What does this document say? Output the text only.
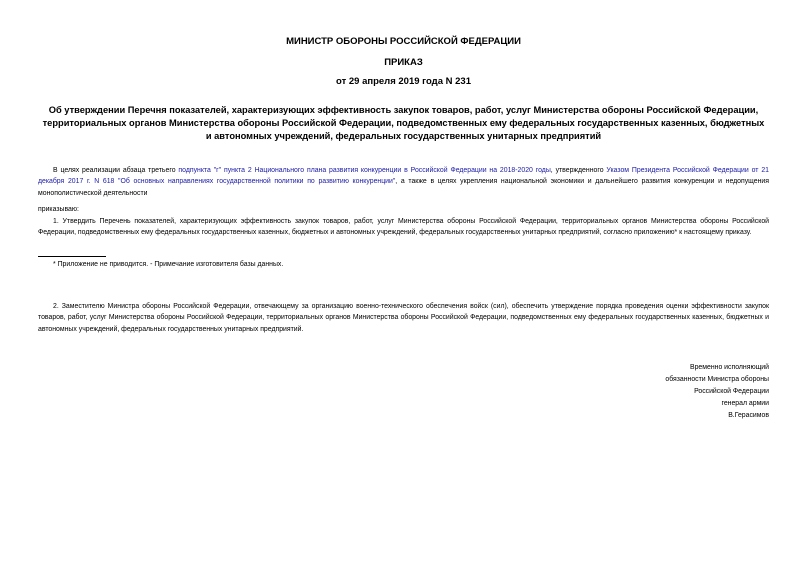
МИНИСТР ОБОРОНЫ РОССИЙСКОЙ ФЕДЕРАЦИИ
ПРИКАЗ
от 29 апреля 2019 года N 231
Об утверждении Перечня показателей, характеризующих эффективность закупок товаров, работ, услуг Министерства обороны Российской Федерации, территориальных органов Министерства обороны Российской Федерации, подведомственных ему федеральных государственных казенных, бюджетных и автономных учреждений, федеральных государственных унитарных предприятий
В целях реализации абзаца третьего подпункта "г" пункта 2 Национального плана развития конкуренции в Российской Федерации на 2018-2020 годы, утвержденного Указом Президента Российской Федерации от 21 декабря 2017 г. N 618 "Об основных направлениях государственной политики по развитию конкуренции", а также в целях укрепления национальной экономики и дальнейшего развития конкуренции и недопущения монополистической деятельности
приказываю:
1. Утвердить Перечень показателей, характеризующих эффективность закупок товаров, работ, услуг Министерства обороны Российской Федерации, территориальных органов Министерства обороны Российской Федерации, подведомственных ему федеральных государственных казенных, бюджетных и автономных учреждений, федеральных государственных унитарных предприятий, согласно приложению* к настоящему приказу.
* Приложение не приводится. - Примечание изготовителя базы данных.
2. Заместителю Министра обороны Российской Федерации, отвечающему за организацию военно-технического обеспечения войск (сил), обеспечить утверждение порядка проведения оценки эффективности закупок товаров, работ, услуг Министерства обороны Российской Федерации, территориальных органов Министерства обороны Российской Федерации, подведомственных ему федеральных государственных казенных, бюджетных и автономных учреждений, федеральных государственных унитарных предприятий.
Временно исполняющий
обязанности Министра обороны
Российской Федерации
генерал армии
В.Герасимов
